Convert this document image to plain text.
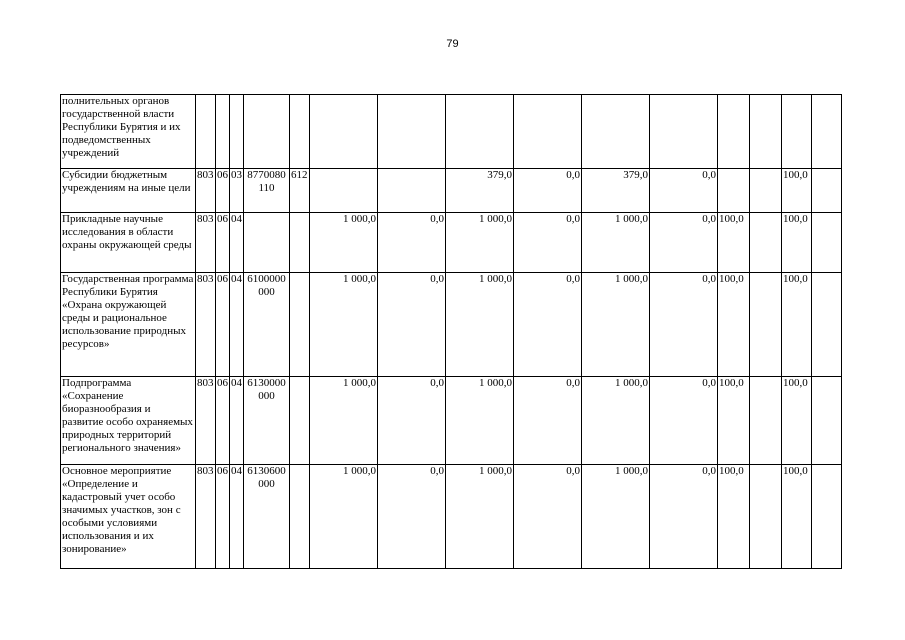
79
полнительных органов государственной власти Республики Бурятия и их подведомственных учреждений															
Субсидии бюджетным учреждениям на иные цели	803	06	03	8770080110	612			379,0	0,0	379,0	0,0			100,0	
Прикладные научные исследования в области охраны окружающей среды	803	06	04			1 000,0	0,0	1 000,0	0,0	1 000,0	0,0	100,0		100,0	
Государственная программа Республики Бурятия «Охрана окружающей среды и рациональное использование природных ресурсов»	803	06	04	6100000000		1 000,0	0,0	1 000,0	0,0	1 000,0	0,0	100,0		100,0	
Подпрограмма «Сохранение биоразнообразия и развитие особо охраняемых природных территорий регионального значения»	803	06	04	6130000000		1 000,0	0,0	1 000,0	0,0	1 000,0	0,0	100,0		100,0	
Основное мероприятие «Определение и кадастровый учет особо значимых участков, зон с особыми условиями использования и их зонирование»	803	06	04	6130600000		1 000,0	0,0	1 000,0	0,0	1 000,0	0,0	100,0		100,0	
